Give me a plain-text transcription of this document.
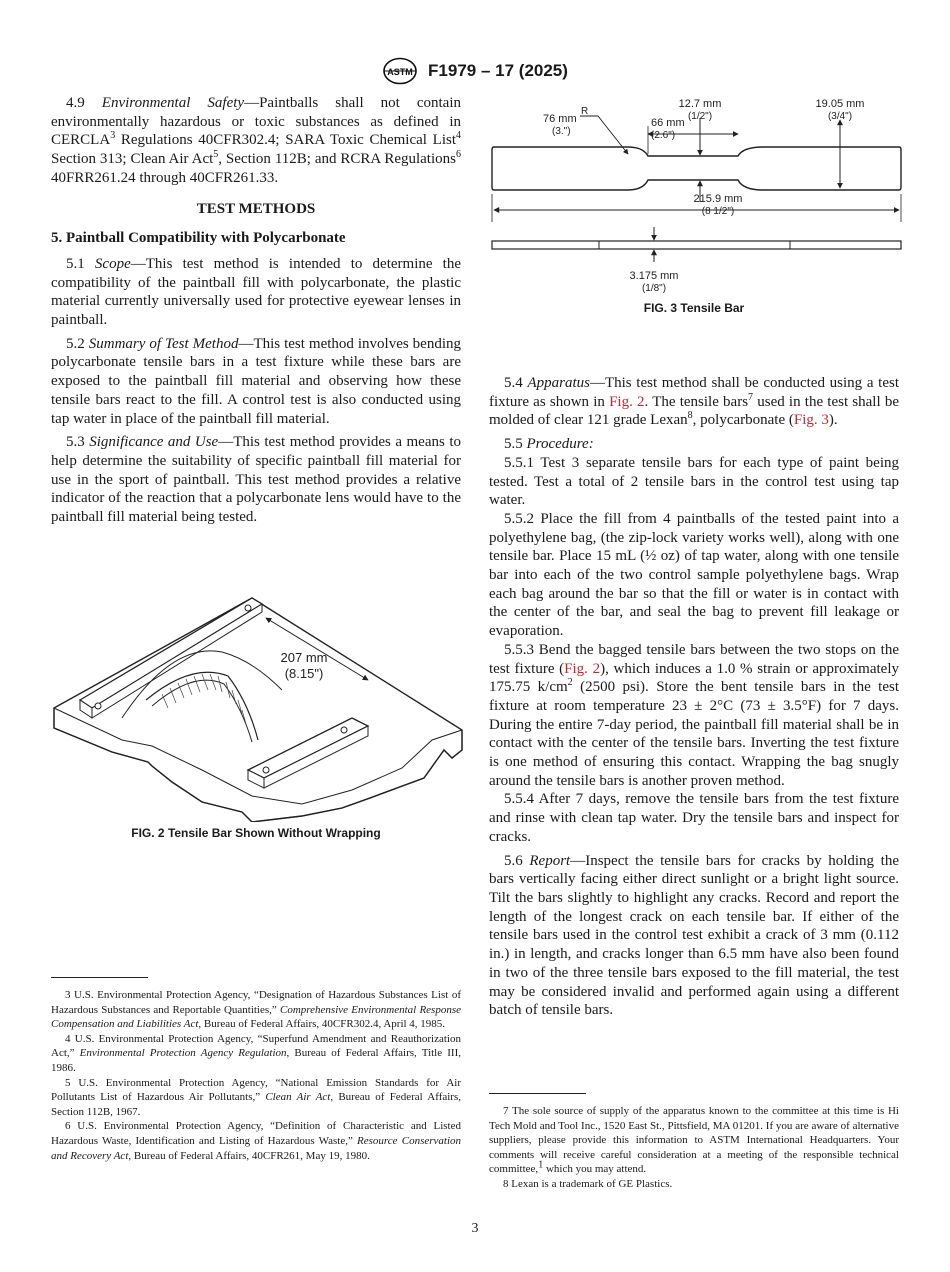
ASTM F1979 – 17 (2025)
12.7 mm
(1/2")
19.05 mm
(3/4")
66 mm
(2.6")
R
76 mm
(3.")
215.9 mm
(8 1/2")
3.175 mm
(1/8")
FIG. 3 Tensile Bar

4.9 Environmental Safety—Paintballs shall not contain environmentally hazardous or toxic substances as defined in CERCLA$^3$ Regulations 40CFR302.4; SARA Toxic Chemical List$^4$ Section 313; Clean Air Act$^5$, Section 112B; and RCRA Regulations$^6$ 40FRR261.24 through 40CFR261.33.

TEST METHODS
5. Paintball Compatibility with Polycarbonate

5.1 Scope—This test method is intended to determine the compatibility of the paintball fill with polycarbonate, the plastic material currently universally used for protective eyewear lenses in paintball.

5.2 Summary of Test Method—This test method involves bending polycarbonate tensile bars in a test fixture while these bars are exposed to the paintball fill material and observing how these tensile bars react to the fill. A control test is also conducted using tap water in place of the paintball fill material.

5.3 Significance and Use—This test method provides a means to help determine the suitability of specific paintball fill material for use in the sport of paintball. This test method provides a relative indicator of the reaction that a polycarbonate lens would have to the paintball fill material being tested.

207 mm
(8.15")
FIG. 2 Tensile Bar Shown Without Wrapping

5.4 Apparatus—This test method shall be conducted using a test fixture as shown in Fig. 2. The tensile bars$^7$ used in the test shall be molded of clear 121 grade Lexan$^8$, polycarbonate (Fig. 3).

5.5 Procedure:

5.5.1 Test 3 separate tensile bars for each type of paint being tested. Test a total of 2 tensile bars in the control test using tap water.

5.5.2 Place the fill from 4 paintballs of the tested paint into a polyethylene bag, (the zip-lock variety works well), along with one tensile bar. Place 15 mL (½ oz) of tap water, along with one tensile bar into each of the two control sample polyethylene bags. Wrap each bag around the bar so that the fill or water is in contact with the center of the bar, and seal the bag to prevent fill leakage or evaporation.

5.5.3 Bend the bagged tensile bars between the two stops on the test fixture (Fig. 2), which induces a 1.0 % strain or approximately 175.75 $k/cm^2$ (2500 psi). Store the bent tensile bars in the test fixture at room temperature 23 ± 2°C (73 ± 3.5°F) for 7 days. During the entire 7-day period, the paintball fill material shall be in contact with the center of the tensile bars. Inverting the test fixture is one method of ensuring this contact. Wrapping the bag snugly around the tensile bars is another proven method.

5.5.4 After 7 days, remove the tensile bars from the test fixture and rinse with clean tap water. Dry the tensile bars and inspect for cracks.

5.6 Report—Inspect the tensile bars for cracks by holding the bars vertically facing either direct sunlight or a bright light source. Tilt the bars slightly to highlight any cracks. Record and report the length of the longest crack on each tensile bar. If either of the tensile bars used in the control test exhibit a crack of 3 mm (0.112 in.) in length, and cracks longer than 6.5 mm have also been found in two of the three tensile bars exposed to the fill material, the test may be considered invalid and performed again using a different batch of tensile bars.

3 U.S. Environmental Protection Agency, “Designation of Hazardous Substances List of Hazardous Substances and Reportable Quantities,” Comprehensive Environmental Response Compensation and Liabilities Act, Bureau of Federal Affairs, 40CFR302.4, April 4, 1985.

4 U.S. Environmental Protection Agency, “Superfund Amendment and Reauthorization Act,” Environmental Protection Agency Regulation, Bureau of Federal Affairs, Title III, 1986.

5 U.S. Environmental Protection Agency, “National Emission Standards for Air Pollutants List of Hazardous Air Pollutants,” Clean Air Act, Bureau of Federal Affairs, Section 112B, 1967.

6 U.S. Environmental Protection Agency, “Definition of Characteristic and Listed Hazardous Waste, Identification and Listing of Hazardous Waste,” Resource Conservation and Recovery Act, Bureau of Federal Affairs, 40CFR261, May 19, 1980.

7 The sole source of supply of the apparatus known to the committee at this time is Hi Tech Mold and Tool Inc., 1520 East St., Pittsfield, MA 01201. If you are aware of alternative suppliers, please provide this information to ASTM International Headquarters. Your comments will receive careful consideration at a meeting of the responsible technical committee,$^1$ which you may attend.

8 Lexan is a trademark of GE Plastics.

3
